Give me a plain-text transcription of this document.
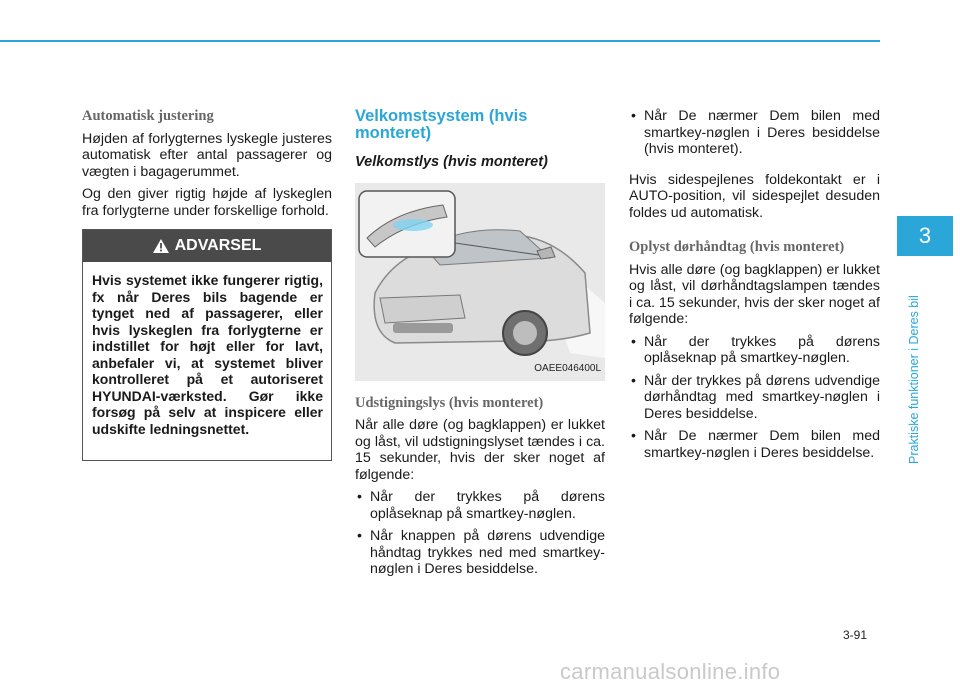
Automatisk justering

Højden af forlygternes lyskegle justeres automatisk efter antal passagerer og vægten i bagagerummet.

Og den giver rigtig højde af lyskeglen fra forlygterne under forskellige forhold.

ADVARSEL
Hvis systemet ikke fungerer rigtig, fx når Deres bils bagende er tynget ned af passagerer, eller hvis lyskeglen fra forlygterne er indstillet for højt eller for lavt, anbefaler vi, at systemet bliver kontrolleret på et autoriseret HYUNDAI-værksted. Gør ikke forsøg på selv at inspicere eller udskifte ledningsnettet.
Velkomstsystem (hvis monteret)
Velkomstlys (hvis monteret)
OAEE046400L
Udstigningslys (hvis monteret)

Når alle døre (og bagklappen) er lukket og låst, vil udstigningslyset tændes i ca. 15 sekunder, hvis der sker noget af følgende:

• Når der trykkes på dørens oplåseknap på smartkey-nøglen.
• Når knappen på dørens udvendige håndtag trykkes ned med smartkey-nøglen i Deres besiddelse.
• Når De nærmer Dem bilen med smartkey-nøglen i Deres besiddelse (hvis monteret).

Hvis sidespejlenes foldekontakt er i AUTO-position, vil sidespejlet desuden foldes ud automatisk.

Oplyst dørhåndtag (hvis monteret)

Hvis alle døre (og bagklappen) er lukket og låst, vil dørhåndtagslampen tændes i ca. 15 sekunder, hvis der sker noget af følgende:

• Når der trykkes på dørens oplåseknap på smartkey-nøglen.
• Når der trykkes på dørens udvendige dørhåndtag med smartkey-nøglen i Deres besiddelse.
• Når De nærmer Dem bilen med smartkey-nøglen i Deres besiddelse.
3
Praktiske funktioner i Deres bil
3-91
carmanualsonline.info
